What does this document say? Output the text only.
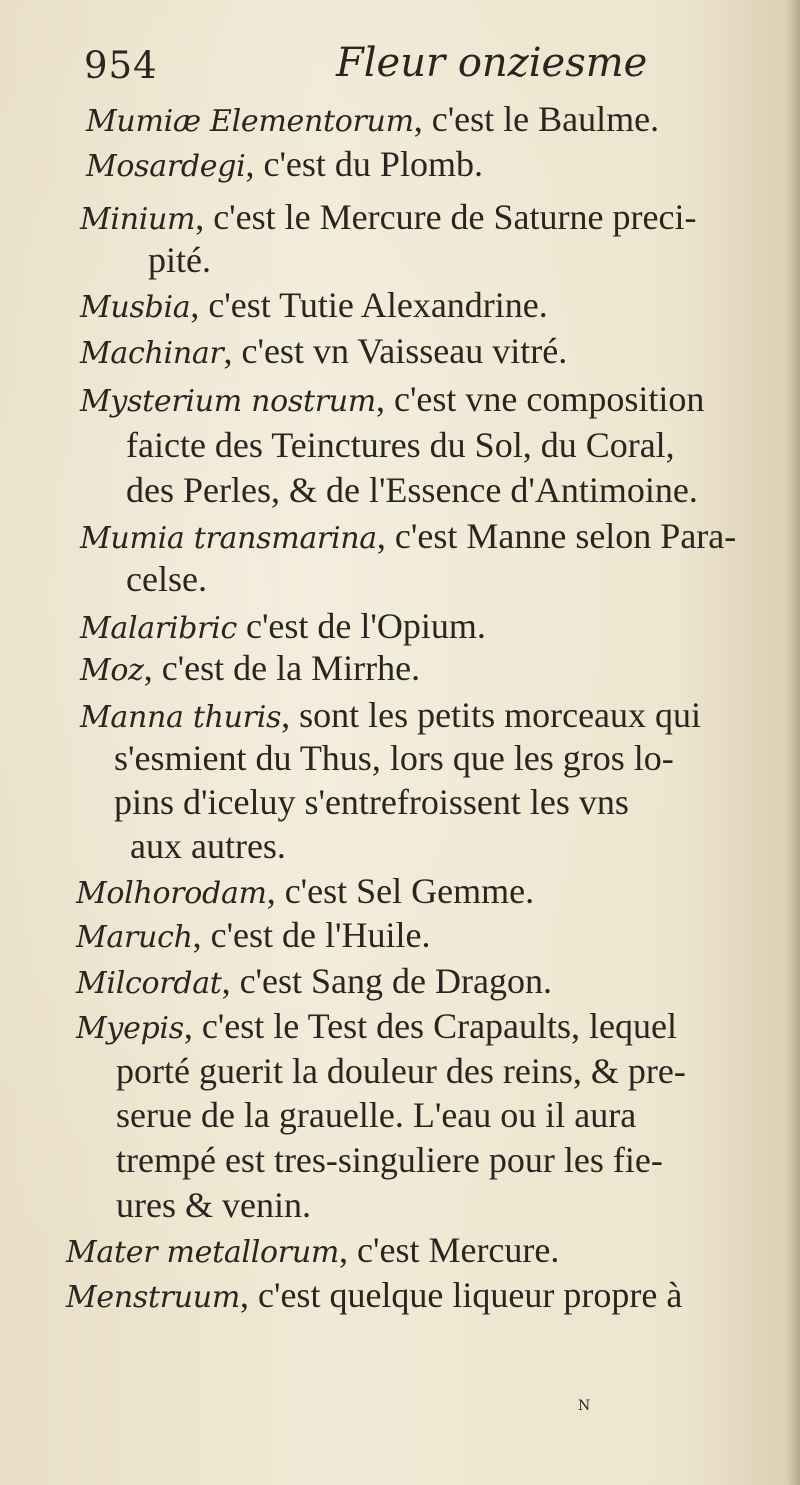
954	Fleur onziesme
Mumiæ Elementorum, c'est le Baulme.
Mosardegi, c'est du Plomb.
Minium, c'est le Mercure de Saturne preci-
pité.
Musbia, c'est Tutie Alexandrine.
Machinar, c'est vn Vaisseau vitré.
Mysterium nostrum, c'est vne composition
faicte des Teinctures du Sol, du Coral,
des Perles, & de l'Essence d'Antimoine.
Mumia transmarina, c'est Manne selon Para-
celse.
Malaribric c'est de l'Opium.
Moz, c'est de la Mirrhe.
Manna thuris, sont les petits morceaux qui
s'esmient du Thus, lors que les gros lo-
pins d'iceluy s'entrefroissent les vns
aux autres.
Molhorodam, c'est Sel Gemme.
Maruch, c'est de l'Huile.
Milcordat, c'est Sang de Dragon.
Myepis, c'est le Test des Crapaults, lequel
porté guerit la douleur des reins, & pre-
serue de la grauelle. L'eau ou il aura
trempé est tres-singuliere pour les fie-
ures & venin.
Mater metallorum, c'est Mercure.
Menstruum, c'est quelque liqueur propre à
N
